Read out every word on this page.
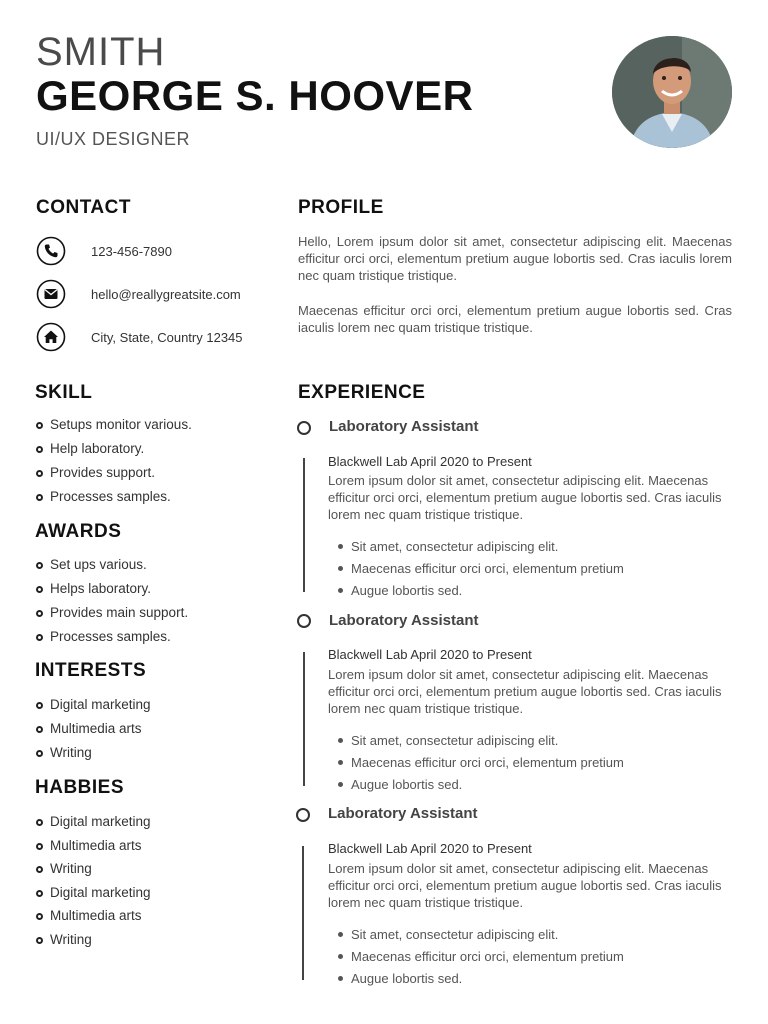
SMITH
GEORGE S. HOOVER
UI/UX DESIGNER
CONTACT
123-456-7890
hello@reallygreatsite.com
City, State, Country 12345
PROFILE

Hello, Lorem ipsum dolor sit amet, consectetur adipiscing elit. Maecenas efficitur orci orci, elementum pretium augue lobortis sed. Cras iaculis lorem nec quam tristique tristique.

Maecenas efficitur orci orci, elementum pretium augue lobortis sed. Cras iaculis lorem nec quam tristique tristique.

SKILL
Setups monitor various.
Help laboratory.
Provides support.
Processes samples.
AWARDS
Set ups various.
Helps laboratory.
Provides main support.
Processes samples.
INTERESTS
Digital marketing
Multimedia arts
Writing
HABBIES
Digital marketing
Multimedia arts
Writing
Digital marketing
Multimedia arts
Writing
EXPERIENCE
Laboratory Assistant
Blackwell Lab April 2020 to Present

Lorem ipsum dolor sit amet, consectetur adipiscing elit. Maecenas efficitur orci orci, elementum pretium augue lobortis sed. Cras iaculis lorem nec quam tristique tristique.

Sit amet, consectetur adipiscing elit.
Maecenas efficitur orci orci, elementum pretium
Augue lobortis sed.
Laboratory Assistant
Blackwell Lab April 2020 to Present

Lorem ipsum dolor sit amet, consectetur adipiscing elit. Maecenas efficitur orci orci, elementum pretium augue lobortis sed. Cras iaculis lorem nec quam tristique tristique.

Sit amet, consectetur adipiscing elit.
Maecenas efficitur orci orci, elementum pretium
Augue lobortis sed.
Laboratory Assistant
Blackwell Lab April 2020 to Present

Lorem ipsum dolor sit amet, consectetur adipiscing elit. Maecenas efficitur orci orci, elementum pretium augue lobortis sed. Cras iaculis lorem nec quam tristique tristique.

Sit amet, consectetur adipiscing elit.
Maecenas efficitur orci orci, elementum pretium
Augue lobortis sed.
